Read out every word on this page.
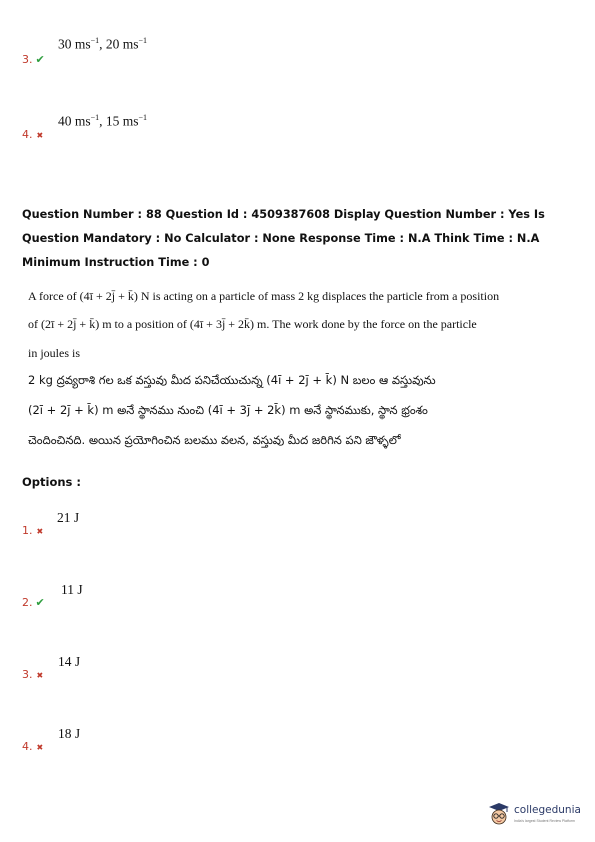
30 $ms^{-1}$, 20 $ms^{-1}$
3. ✔
40 $ms^{-1}$, 15 $ms^{-1}$
4. ✖
Question Number : 88 Question Id : 4509387608 Display Question Number : Yes Is Question Mandatory : No Calculator : None Response Time : N.A Think Time : N.A Minimum Instruction Time : 0
A force of (4ī + 2j̄ + k̄) N is acting on a particle of mass 2 kg displaces the particle from a position
of (2ī + 2j̄ + k̄) m to a position of (4ī + 3j̄ + 2k̄) m. The work done by the force on the particle
in joules is
2 kg ద్రవ్యరాశి గల ఒక వస్తువు మీద పనిచేయుచున్న (4ī + 2j̄ + k̄) N బలం ఆ వస్తువును
(2ī + 2j̄ + k̄) m అనే స్థానము నుంచి (4ī + 3j̄ + 2k̄) m అనే స్థానముకు, స్థాన భ్రంశం
చెందించినది. అయిన ప్రయోగించిన బలము వలన, వస్తువు మీద జరిగిన పని జౌళ్ళలో
Options :
21 J
1. ✖
11 J
2. ✔
14 J
3. ✖
18 J
4. ✖
collegedunia
India's largest Student Review Platform
